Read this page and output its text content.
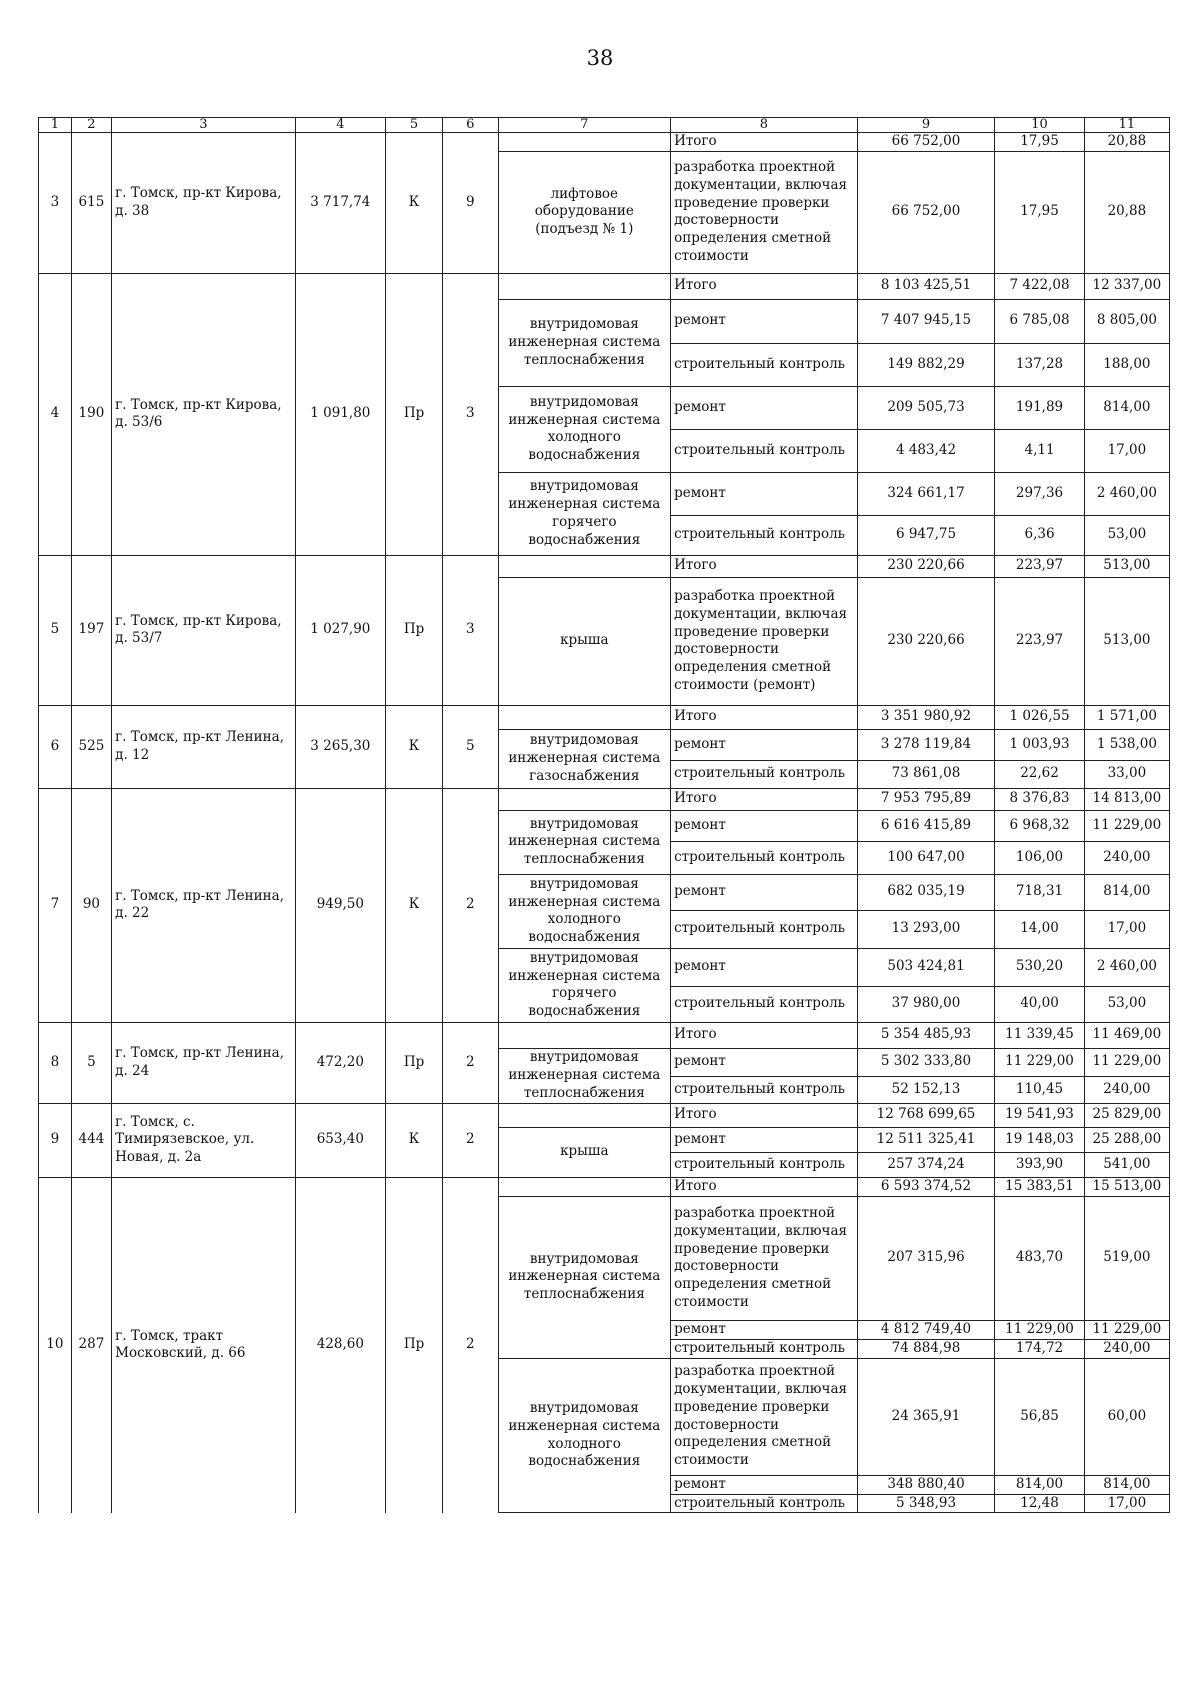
38
1	2	3	4	5	6	7	8	9	10	11
3	615	г. Томск, пр-кт Кирова, д. 38	3 717,74	К	9		Итого	66 752,00	17,95	20,88
						лифтовое оборудование (подъезд № 1)	разработка проектной документации, включая проведение проверки достоверности определения сметной стоимости	66 752,00	17,95	20,88
4	190	г. Томск, пр-кт Кирова, д. 53/6	1 091,80	Пр	3		Итого	8 103 425,51	7 422,08	12 337,00
						внутридомовая инженерная система теплоснабжения	ремонт	7 407 945,15	6 785,08	8 805,00
							строительный контроль	149 882,29	137,28	188,00
						внутридомовая инженерная система холодного водоснабжения	ремонт	209 505,73	191,89	814,00
							строительный контроль	4 483,42	4,11	17,00
						внутридомовая инженерная система горячего водоснабжения	ремонт	324 661,17	297,36	2 460,00
							строительный контроль	6 947,75	6,36	53,00
5	197	г. Томск, пр-кт Кирова, д. 53/7	1 027,90	Пр	3		Итого	230 220,66	223,97	513,00
						крыша	разработка проектной документации, включая проведение проверки достоверности определения сметной стоимости (ремонт)	230 220,66	223,97	513,00
6	525	г. Томск, пр-кт Ленина, д. 12	3 265,30	К	5		Итого	3 351 980,92	1 026,55	1 571,00
						внутридомовая инженерная система газоснабжения	ремонт	3 278 119,84	1 003,93	1 538,00
							строительный контроль	73 861,08	22,62	33,00
7	90	г. Томск, пр-кт Ленина, д. 22	949,50	К	2		Итого	7 953 795,89	8 376,83	14 813,00
						внутридомовая инженерная система теплоснабжения	ремонт	6 616 415,89	6 968,32	11 229,00
							строительный контроль	100 647,00	106,00	240,00
						внутридомовая инженерная система холодного водоснабжения	ремонт	682 035,19	718,31	814,00
							строительный контроль	13 293,00	14,00	17,00
						внутридомовая инженерная система горячего водоснабжения	ремонт	503 424,81	530,20	2 460,00
							строительный контроль	37 980,00	40,00	53,00
8	5	г. Томск, пр-кт Ленина, д. 24	472,20	Пр	2		Итого	5 354 485,93	11 339,45	11 469,00
						внутридомовая инженерная система теплоснабжения	ремонт	5 302 333,80	11 229,00	11 229,00
							строительный контроль	52 152,13	110,45	240,00
9	444	г. Томск, с. Тимирязевское, ул. Новая, д. 2а	653,40	К	2		Итого	12 768 699,65	19 541,93	25 829,00
						крыша	ремонт	12 511 325,41	19 148,03	25 288,00
							строительный контроль	257 374,24	393,90	541,00
10	287	г. Томск, тракт Московский, д. 66	428,60	Пр	2		Итого	6 593 374,52	15 383,51	15 513,00
						внутридомовая инженерная система теплоснабжения	разработка проектной документации, включая проведение проверки достоверности определения сметной стоимости	207 315,96	483,70	519,00
							ремонт	4 812 749,40	11 229,00	11 229,00
							строительный контроль	74 884,98	174,72	240,00
						внутридомовая инженерная система холодного водоснабжения	разработка проектной документации, включая проведение проверки достоверности определения сметной стоимости	24 365,91	56,85	60,00
							ремонт	348 880,40	814,00	814,00
							строительный контроль	5 348,93	12,48	17,00
